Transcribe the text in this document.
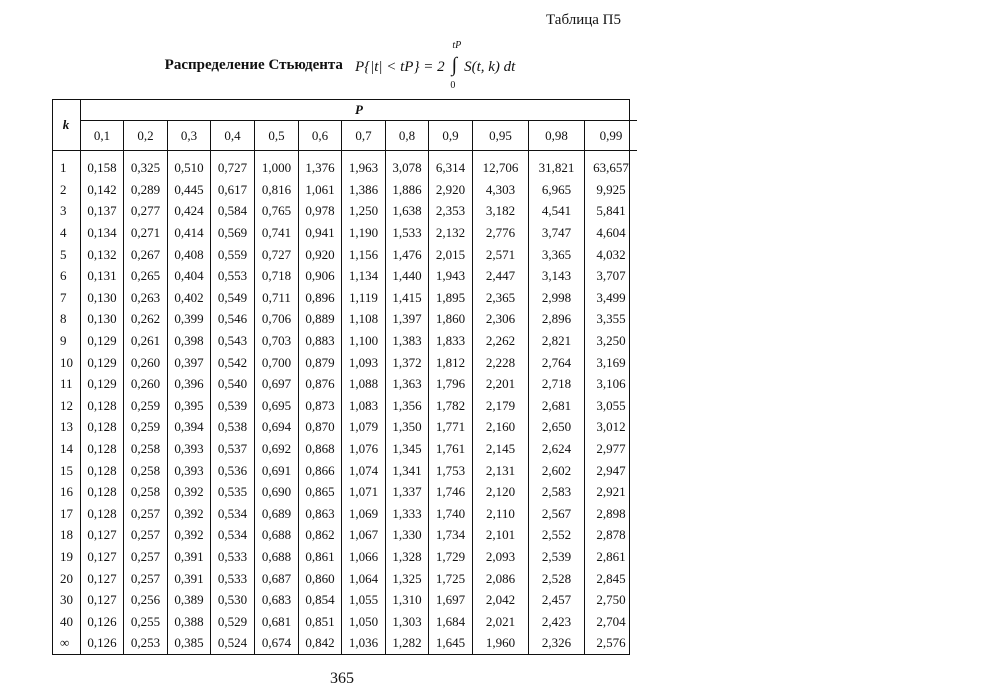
Таблица П5
Распределение Стьюдента P{|t| < tP} = 2 ∫
tP
0
S(t, k) dt
k	P											
	0,1	0,2	0,3	0,4	0,5	0,6	0,7	0,8	0,9	0,95	0,98	0,99
1	0,158	0,325	0,510	0,727	1,000	1,376	1,963	3,078	6,314	12,706	31,821	63,657
2	0,142	0,289	0,445	0,617	0,816	1,061	1,386	1,886	2,920	4,303	6,965	9,925
3	0,137	0,277	0,424	0,584	0,765	0,978	1,250	1,638	2,353	3,182	4,541	5,841
4	0,134	0,271	0,414	0,569	0,741	0,941	1,190	1,533	2,132	2,776	3,747	4,604
5	0,132	0,267	0,408	0,559	0,727	0,920	1,156	1,476	2,015	2,571	3,365	4,032
6	0,131	0,265	0,404	0,553	0,718	0,906	1,134	1,440	1,943	2,447	3,143	3,707
7	0,130	0,263	0,402	0,549	0,711	0,896	1,119	1,415	1,895	2,365	2,998	3,499
8	0,130	0,262	0,399	0,546	0,706	0,889	1,108	1,397	1,860	2,306	2,896	3,355
9	0,129	0,261	0,398	0,543	0,703	0,883	1,100	1,383	1,833	2,262	2,821	3,250
10	0,129	0,260	0,397	0,542	0,700	0,879	1,093	1,372	1,812	2,228	2,764	3,169
11	0,129	0,260	0,396	0,540	0,697	0,876	1,088	1,363	1,796	2,201	2,718	3,106
12	0,128	0,259	0,395	0,539	0,695	0,873	1,083	1,356	1,782	2,179	2,681	3,055
13	0,128	0,259	0,394	0,538	0,694	0,870	1,079	1,350	1,771	2,160	2,650	3,012
14	0,128	0,258	0,393	0,537	0,692	0,868	1,076	1,345	1,761	2,145	2,624	2,977
15	0,128	0,258	0,393	0,536	0,691	0,866	1,074	1,341	1,753	2,131	2,602	2,947
16	0,128	0,258	0,392	0,535	0,690	0,865	1,071	1,337	1,746	2,120	2,583	2,921
17	0,128	0,257	0,392	0,534	0,689	0,863	1,069	1,333	1,740	2,110	2,567	2,898
18	0,127	0,257	0,392	0,534	0,688	0,862	1,067	1,330	1,734	2,101	2,552	2,878
19	0,127	0,257	0,391	0,533	0,688	0,861	1,066	1,328	1,729	2,093	2,539	2,861
20	0,127	0,257	0,391	0,533	0,687	0,860	1,064	1,325	1,725	2,086	2,528	2,845
30	0,127	0,256	0,389	0,530	0,683	0,854	1,055	1,310	1,697	2,042	2,457	2,750
40	0,126	0,255	0,388	0,529	0,681	0,851	1,050	1,303	1,684	2,021	2,423	2,704
∞	0,126	0,253	0,385	0,524	0,674	0,842	1,036	1,282	1,645	1,960	2,326	2,576
365
